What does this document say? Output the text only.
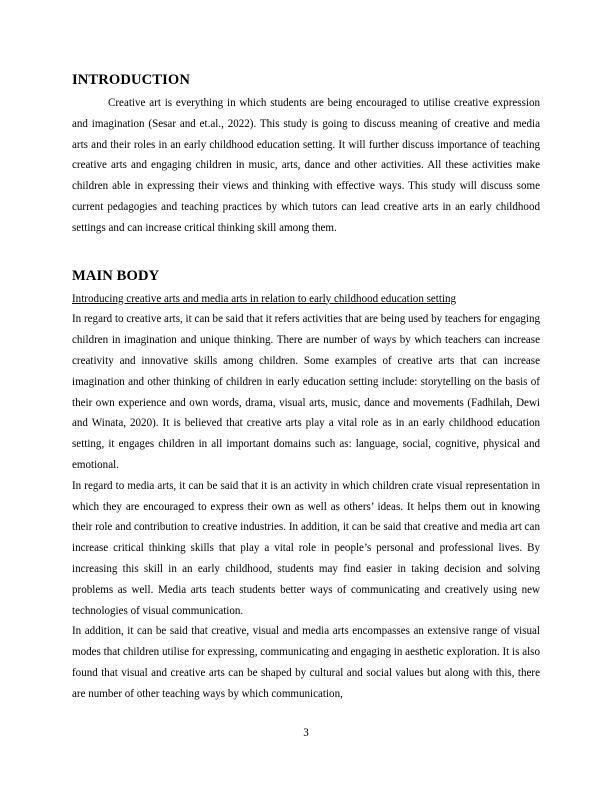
INTRODUCTION

Creative art is everything in which students are being encouraged to utilise creative expression and imagination (Sesar and et.al., 2022). This study is going to discuss meaning of creative and media arts and their roles in an early childhood education setting. It will further discuss importance of teaching creative arts and engaging children in music, arts, dance and other activities. All these activities make children able in expressing their views and thinking with effective ways. This study will discuss some current pedagogies and teaching practices by which tutors can lead creative arts in an early childhood settings and can increase critical thinking skill among them.

MAIN BODY

Introducing creative arts and media arts in relation to early childhood education setting

In regard to creative arts, it can be said that it refers activities that are being used by teachers for engaging children in imagination and unique thinking. There are number of ways by which teachers can increase creativity and innovative skills among children. Some examples of creative arts that can increase imagination and other thinking of children in early education setting include: storytelling on the basis of their own experience and own words, drama, visual arts, music, dance and movements (Fadhilah, Dewi and Winata, 2020). It is believed that creative arts play a vital role as in an early childhood education setting, it engages children in all important domains such as: language, social, cognitive, physical and emotional.

In regard to media arts, it can be said that it is an activity in which children crate visual representation in which they are encouraged to express their own as well as others’ ideas. It helps them out in knowing their role and contribution to creative industries. In addition, it can be said that creative and media art can increase critical thinking skills that play a vital role in people’s personal and professional lives. By increasing this skill in an early childhood, students may find easier in taking decision and solving problems as well. Media arts teach students better ways of communicating and creatively using new technologies of visual communication.

In addition, it can be said that creative, visual and media arts encompasses an extensive range of visual modes that children utilise for expressing, communicating and engaging in aesthetic exploration. It is also found that visual and creative arts can be shaped by cultural and social values but along with this, there are number of other teaching ways by which communication,

3
